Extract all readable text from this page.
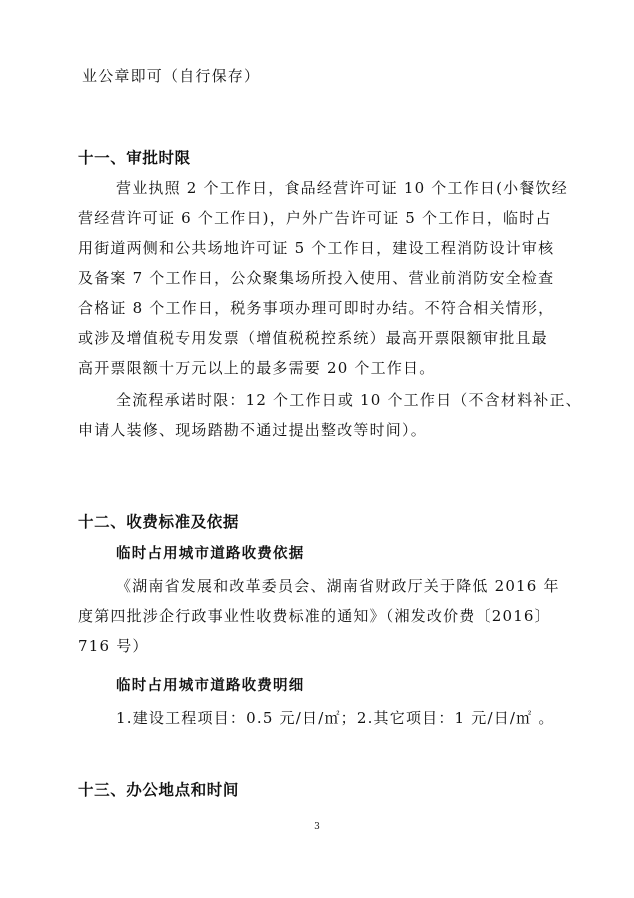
业公章即可（自行保存）
十一、审批时限
营业执照 2 个工作日，食品经营许可证 10 个工作日(小餐饮经
营经营许可证 6 个工作日)，户外广告许可证 5 个工作日，临时占
用街道两侧和公共场地许可证 5 个工作日，建设工程消防设计审核
及备案 7 个工作日，公众聚集场所投入使用、营业前消防安全检查
合格证 8 个工作日，税务事项办理可即时办结。不符合相关情形，
或涉及增值税专用发票（增值税税控系统）最高开票限额审批且最
高开票限额十万元以上的最多需要 20 个工作日。
全流程承诺时限：12 个工作日或 10 个工作日（不含材料补正、
申请人装修、现场踏勘不通过提出整改等时间）。
十二、收费标准及依据
临时占用城市道路收费依据
《湖南省发展和改革委员会、湖南省财政厅关于降低 2016 年
度第四批涉企行政事业性收费标准的通知》（湘发改价费〔2016〕
716 号）
临时占用城市道路收费明细
1.建设工程项目：0.5 元/日/㎡；2.其它项目：1 元/日/㎡ 。
十三、办公地点和时间
3
